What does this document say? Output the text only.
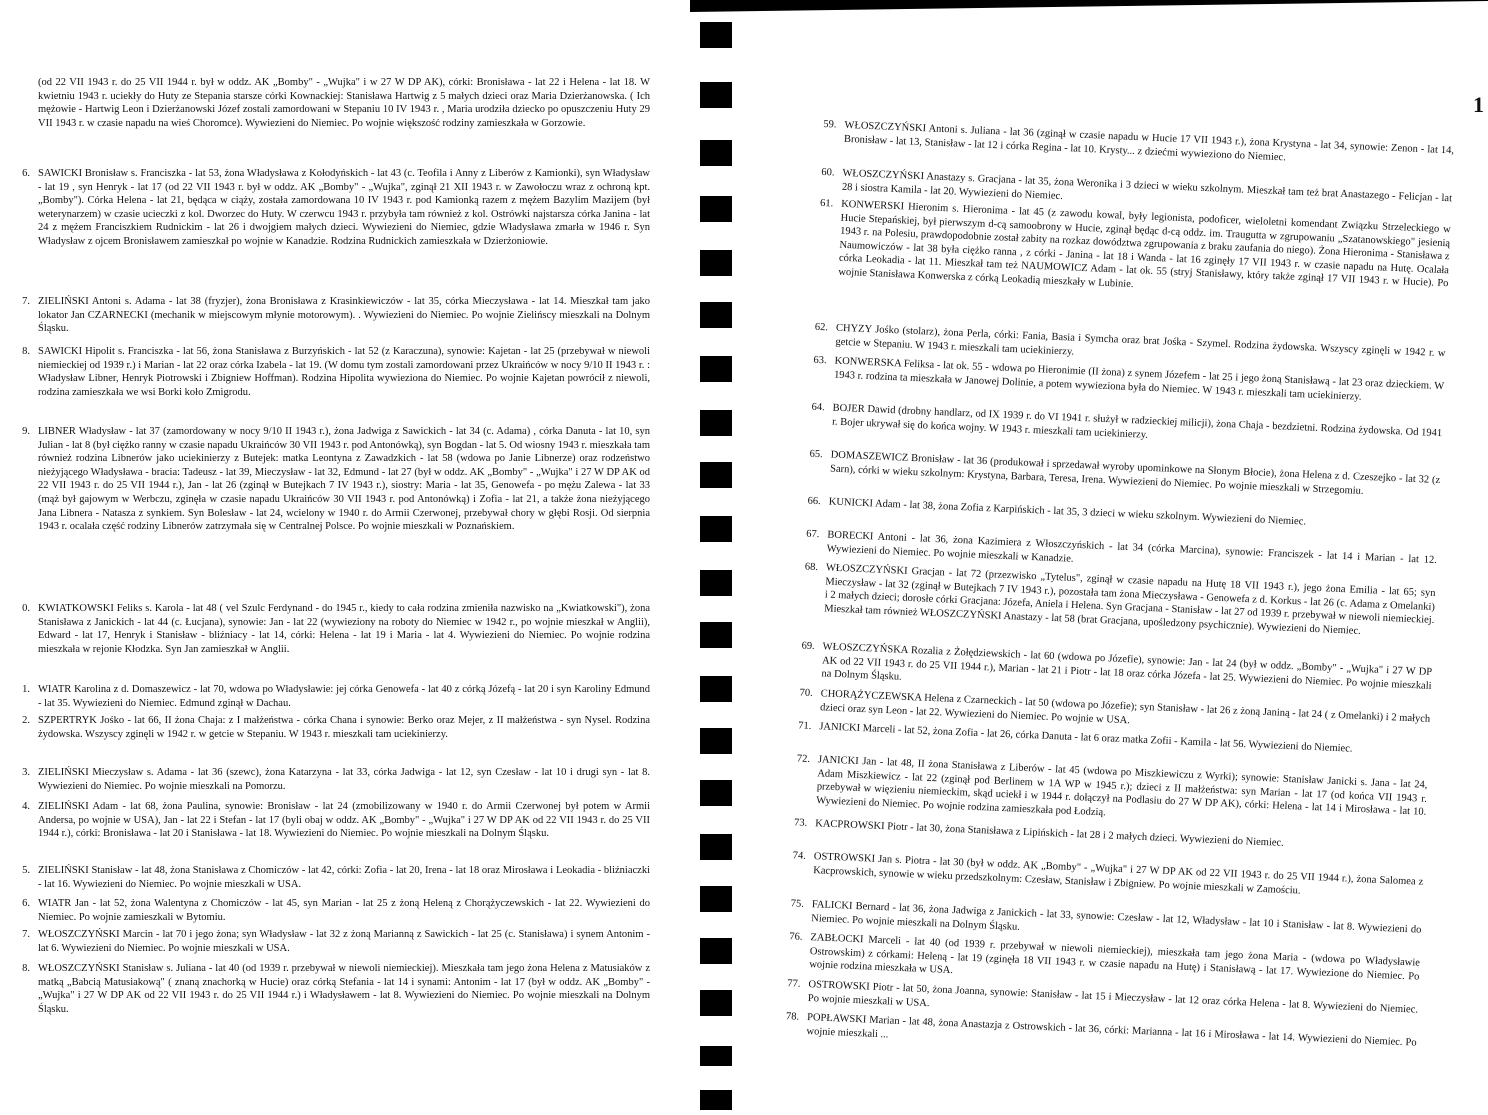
(od 22 VII 1943 r. do 25 VII 1944 r. był w oddz. AK „Bomby" - „Wujka" i w 27 W DP AK), córki: Bronisława - lat 22 i Helena - lat 18. W kwietniu 1943 r. uciekły do Huty ze Stepania starsze córki Kownackiej: Stanisława Hartwig z 5 małych dzieci oraz Maria Dzierżanowska. ( Ich mężowie - Hartwig Leon i Dzierżanowski Józef zostali zamordowani w Stepaniu 10 IV 1943 r. , Maria urodziła dziecko po opuszczeniu Huty 29 VII 1943 r. w czasie napadu na wieś Choromce). Wywiezieni do Niemiec. Po wojnie większość rodziny zamieszkała w Gorzowie.
6. SAWICKI Bronisław s. Franciszka - lat 53, żona Władysława z Kołodyńskich - lat 43 (c. Teofila i Anny z Liberów z Kamionki), syn Władysław - lat 19 , syn Henryk - lat 17 (od 22 VII 1943 r. był w oddz. AK „Bomby" - „Wujka", zginął 21 XII 1943 r. w Zawołoczu wraz z ochroną kpt. „Bomby"). Córka Helena - lat 21, będąca w ciąży, została zamordowana 10 IV 1943 r. pod Kamionką razem z mężem Bazylim Mazijem (był weterynarzem) w czasie ucieczki z kol. Dworzec do Huty. W czerwcu 1943 r. przybyła tam również z kol. Ostrówki najstarsza córka Janina - lat 24 z mężem Franciszkiem Rudnickim - lat 26 i dwojgiem małych dzieci. Wywiezieni do Niemiec, gdzie Władysława zmarła w 1946 r. Syn Władysław z ojcem Bronisławem zamieszkał po wojnie w Kanadzie. Rodzina Rudnickich zamieszkała w Dzierżoniowie.
7. ZIELIŃSKI Antoni s. Adama - lat 38 (fryzjer), żona Bronisława z Krasinkiewiczów - lat 35, córka Mieczysława - lat 14. Mieszkał tam jako lokator Jan CZARNECKI (mechanik w miejscowym młynie motorowym). . Wywiezieni do Niemiec. Po wojnie Zielińscy mieszkali na Dolnym Śląsku.
8. SAWICKI Hipolit s. Franciszka - lat 56, żona Stanisława z Burzyńskich - lat 52 (z Karaczuna), synowie: Kajetan - lat 25 (przebywał w niewoli niemieckiej od 1939 r.) i Marian - lat 22 oraz córka Izabela - lat 19. (W domu tym zostali zamordowani przez Ukraińców w nocy 9/10 II 1943 r. : Władysław Libner, Henryk Piotrowski i Zbigniew Hoffman). Rodzina Hipolita wywieziona do Niemiec. Po wojnie Kajetan powrócił z niewoli, rodzina zamieszkała we wsi Borki koło Zmigrodu.
9. LIBNER Władysław - lat 37 (zamordowany w nocy 9/10 II 1943 r.), żona Jadwiga z Sawickich - lat 34 (c. Adama) , córka Danuta - lat 10, syn Julian - lat 8 (był ciężko ranny w czasie napadu Ukraińców 30 VII 1943 r. pod Antonówką), syn Bogdan - lat 5. Od wiosny 1943 r. mieszkała tam również rodzina Libnerów jako uciekinierzy z Butejek: matka Leontyna z Zawadzkich - lat 58 (wdowa po Janie Libnerze) oraz rodzeństwo nieżyjącego Władysława - bracia: Tadeusz - lat 39, Mieczysław - lat 32, Edmund - lat 27 (był w oddz. AK „Bomby" - „Wujka" i 27 W DP AK od 22 VII 1943 r. do 25 VII 1944 r.), Jan - lat 26 (zginął w Butejkach 7 IV 1943 r.), siostry: Maria - lat 35, Genowefa - po mężu Zalewa - lat 33 (mąż był gajowym w Werbczu, zginęła w czasie napadu Ukraińców 30 VII 1943 r. pod Antonówką) i Zofia - lat 21, a także żona nieżyjącego Jana Libnera - Natasza z synkiem. Syn Bolesław - lat 24, wcielony w 1940 r. do Armii Czerwonej, przebywał chory w głębi Rosji. Od sierpnia 1943 r. ocalała część rodziny Libnerów zatrzymała się w Centralnej Polsce. Po wojnie mieszkali w Poznańskiem.
0. KWIATKOWSKI Feliks s. Karola - lat 48 ( vel Szulc Ferdynand - do 1945 r., kiedy to cała rodzina zmieniła nazwisko na „Kwiatkowski"), żona Stanisława z Janickich - lat 44 (c. Łucjana), synowie: Jan - lat 22 (wywieziony na roboty do Niemiec w 1942 r., po wojnie mieszkał w Anglii), Edward - lat 17, Henryk i Stanisław - bliźniacy - lat 14, córki: Helena - lat 19 i Maria - lat 4. Wywiezieni do Niemiec. Po wojnie rodzina mieszkała w rejonie Kłodzka. Syn Jan zamieszkał w Anglii.
1. WIATR Karolina z d. Domaszewicz - lat 70, wdowa po Władysławie: jej córka Genowefa - lat 40 z córką Józefą - lat 20 i syn Karoliny Edmund - lat 35. Wywiezieni do Niemiec. Edmund zginął w Dachau.
2. SZPERTRYK Jośko - lat 66, II żona Chaja: z I małżeństwa - córka Chana i synowie: Berko oraz Mejer, z II małżeństwa - syn Nysel. Rodzina żydowska. Wszyscy zginęli w 1942 r. w getcie w Stepaniu. W 1943 r. mieszkali tam uciekinierzy.
3. ZIELIŃSKI Mieczysław s. Adama - lat 36 (szewc), żona Katarzyna - lat 33, córka Jadwiga - lat 12, syn Czesław - lat 10 i drugi syn - lat 8. Wywiezieni do Niemiec. Po wojnie mieszkali na Pomorzu.
4. ZIELIŃSKI Adam - lat 68, żona Paulina, synowie: Bronisław - lat 24 (zmobilizowany w 1940 r. do Armii Czerwonej był potem w Armii Andersa, po wojnie w USA), Jan - lat 22 i Stefan - lat 17 (byli obaj w oddz. AK „Bomby" - „Wujka" i 27 W DP AK od 22 VII 1943 r. do 25 VII 1944 r.), córki: Bronisława - lat 20 i Stanisława - lat 18. Wywiezieni do Niemiec. Po wojnie mieszkali na Dolnym Śląsku.
5. ZIELIŃSKI Stanisław - lat 48, żona Stanisława z Chomiczów - lat 42, córki: Zofia - lat 20, Irena - lat 18 oraz Mirosława i Leokadia - bliźniaczki - lat 16. Wywiezieni do Niemiec. Po wojnie mieszkali w USA.
6. WIATR Jan - lat 52, żona Walentyna z Chomiczów - lat 45, syn Marian - lat 25 z żoną Heleną z Chorążyczewskich - lat 22. Wywiezieni do Niemiec. Po wojnie zamieszkali w Bytomiu.
7. WŁOSZCZYŃSKI Marcin - lat 70 i jego żona; syn Władysław - lat 32 z żoną Marianną z Sawickich - lat 25 (c. Stanisława) i synem Antonim - lat 6. Wywiezieni do Niemiec. Po wojnie mieszkali w USA.
8. WŁOSZCZYŃSKI Stanisław s. Juliana - lat 40 (od 1939 r. przebywał w niewoli niemieckiej). Mieszkała tam jego żona Helena z Matusiaków z matką „Babcią Matusiakową" ( znaną znachorką w Hucie) oraz córką Stefania - lat 14 i synami: Antonim - lat 17 (był w oddz. AK „Bomby" - „Wujka" i 27 W DP AK od 22 VII 1943 r. do 25 VII 1944 r.) i Władysławem - lat 8. Wywiezieni do Niemiec. Po wojnie mieszkali na Dolnym Śląsku.
1
59. WŁOSZCZYŃSKI Antoni s. Juliana - lat 36 (zginął w czasie napadu w Hucie 17 VII 1943 r.), żona Krystyna - lat 34, synowie: Zenon - lat 14, Bronisław - lat 13, Stanisław - lat 12 i córka Regina - lat 10. Krysty... z dziećmi wywieziono do Niemiec.
60. WŁOSZCZYŃSKI Anastazy s. Gracjana - lat 35, żona Weronika i 3 dzieci w wieku szkolnym. Mieszkał tam też brat Anastazego - Felicjan - lat 28 i siostra Kamila - lat 20. Wywiezieni do Niemiec.
61. KONWERSKI Hieronim s. Hieronima - lat 45 (z zawodu kowal, były legionista, podoficer, wieloletni komendant Związku Strzeleckiego w Hucie Stepańskiej, był pierwszym d-cą samoobrony w Hucie, zginął będąc d-cą oddz. im. Traugutta w zgrupowaniu „Szatanowskiego" jesienią 1943 r. na Polesiu, prawdopodobnie został zabity na rozkaz dowództwa zgrupowania z braku zaufania do niego). Żona Hieronima - Stanisława z Naumowiczów - lat 38 była ciężko ranna , z córki - Janina - lat 18 i Wanda - lat 16 zginęły 17 VII 1943 r. w czasie napadu na Hutę. Ocalała córka Leokadia - lat 11. Mieszkał tam też NAUMOWICZ Adam - lat ok. 55 (stryj Stanisławy, który także zginął 17 VII 1943 r. w Hucie). Po wojnie Stanisława Konwerska z córką Leokadią mieszkały w Lubinie.
62. CHYZY Jośko (stolarz), żona Perla, córki: Fania, Basia i Symcha oraz brat Jośka - Szymel. Rodzina żydowska. Wszyscy zginęli w 1942 r. w getcie w Stepaniu. W 1943 r. mieszkali tam uciekinierzy.
63. KONWERSKA Feliksa - lat ok. 55 - wdowa po Hieronimie (II żona) z synem Józefem - lat 25 i jego żoną Stanisławą - lat 23 oraz dzieckiem. W 1943 r. rodzina ta mieszkała w Janowej Dolinie, a potem wywieziona była do Niemiec. W 1943 r. mieszkali tam uciekinierzy.
64. BOJER Dawid (drobny handlarz, od IX 1939 r. do VI 1941 r. służył w radzieckiej milicji), żona Chaja - bezdzietni. Rodzina żydowska. Od 1941 r. Bojer ukrywał się do końca wojny. W 1943 r. mieszkali tam uciekinierzy.
65. DOMASZEWICZ Bronisław - lat 36 (produkował i sprzedawał wyroby upominkowe na Słonym Błocie), żona Helena z d. Czeszejko - lat 32 (z Sarn), córki w wieku szkolnym: Krystyna, Barbara, Teresa, Irena. Wywiezieni do Niemiec. Po wojnie mieszkali w Strzegomiu.
66. KUNICKI Adam - lat 38, żona Zofia z Karpińskich - lat 35, 3 dzieci w wieku szkolnym. Wywiezieni do Niemiec.
67. BORECKI Antoni - lat 36, żona Kazimiera z Włoszczyńskich - lat 34 (córka Marcina), synowie: Franciszek - lat 14 i Marian - lat 12. Wywiezieni do Niemiec. Po wojnie mieszkali w Kanadzie.
68. WŁOSZCZYŃSKI Gracjan - lat 72 (przezwisko „Tytelus", zginął w czasie napadu na Hutę 18 VII 1943 r.), jego żona Emilia - lat 65; syn Mieczysław - lat 32 (zginął w Butejkach 7 IV 1943 r.), pozostała tam żona Mieczysława - Genowefa z d. Korkus - lat 26 (c. Adama z Omelanki) i 2 małych dzieci; dorosłe córki Gracjana: Józefa, Aniela i Helena. Syn Gracjana - Stanisław - lat 27 od 1939 r. przebywał w niewoli niemieckiej. Mieszkał tam również WŁOSZCZYŃSKI Anastazy - lat 58 (brat Gracjana, upośledzony psychicznie). Wywiezieni do Niemiec.
69. WŁOSZCZYŃSKA Rozalia z Żołędziewskich - lat 60 (wdowa po Józefie), synowie: Jan - lat 24 (był w oddz. „Bomby" - „Wujka" i 27 W DP AK od 22 VII 1943 r. do 25 VII 1944 r.), Marian - lat 21 i Piotr - lat 18 oraz córka Józefa - lat 25. Wywiezieni do Niemiec. Po wojnie mieszkali na Dolnym Śląsku.
70. CHORĄŻYCZEWSKA Helena z Czarneckich - lat 50 (wdowa po Józefie); syn Stanisław - lat 26 z żoną Janiną - lat 24 ( z Omelanki) i 2 małych dzieci oraz syn Leon - lat 22. Wywiezieni do Niemiec. Po wojnie w USA.
71. JANICKI Marceli - lat 52, żona Zofia - lat 26, córka Danuta - lat 6 oraz matka Zofii - Kamila - lat 56. Wywiezieni do Niemiec.
72. JANICKI Jan - lat 48, II żona Stanisława z Liberów - lat 45 (wdowa po Miszkiewiczu z Wyrki); synowie: Stanisław Janicki s. Jana - lat 24, Adam Miszkiewicz - lat 22 (zginął pod Berlinem w 1A WP w 1945 r.); dzieci z II małżeństwa: syn Marian - lat 17 (od końca VII 1943 r. przebywał w więzieniu niemieckim, skąd uciekł i w 1944 r. dołączył na Podlasiu do 27 W DP AK), córki: Helena - lat 14 i Mirosława - lat 10. Wywiezieni do Niemiec. Po wojnie rodzina zamieszkała pod Łodzią.
73. KACPROWSKI Piotr - lat 30, żona Stanisława z Lipińskich - lat 28 i 2 małych dzieci. Wywiezieni do Niemiec.
74. OSTROWSKI Jan s. Piotra - lat 30 (był w oddz. AK „Bomby" - „Wujka" i 27 W DP AK od 22 VII 1943 r. do 25 VII 1944 r.), żona Salomea z Kacprowskich, synowie w wieku przedszkolnym: Czesław, Stanisław i Zbigniew. Po wojnie mieszkali w Zamościu.
75. FALICKI Bernard - lat 36, żona Jadwiga z Janickich - lat 33, synowie: Czesław - lat 12, Władysław - lat 10 i Stanisław - lat 8. Wywiezieni do Niemiec. Po wojnie mieszkali na Dolnym Śląsku.
76. ZABŁOCKI Marceli - lat 40 (od 1939 r. przebywał w niewoli niemieckiej), mieszkała tam jego żona Maria - (wdowa po Władysławie Ostrowskim) z córkami: Heleną - lat 19 (zginęła 18 VII 1943 r. w czasie napadu na Hutę) i Stanisławą - lat 17. Wywiezione do Niemiec. Po wojnie rodzina mieszkała w USA.
77. OSTROWSKI Piotr - lat 50, żona Joanna, synowie: Stanisław - lat 15 i Mieczysław - lat 12 oraz córka Helena - lat 8. Wywiezieni do Niemiec. Po wojnie mieszkali w USA.
78. POPŁAWSKI Marian - lat 48, żona Anastazja z Ostrowskich - lat 36, córki: Marianna - lat 16 i Mirosława - lat 14. Wywiezieni do Niemiec. Po wojnie mieszkali ...
